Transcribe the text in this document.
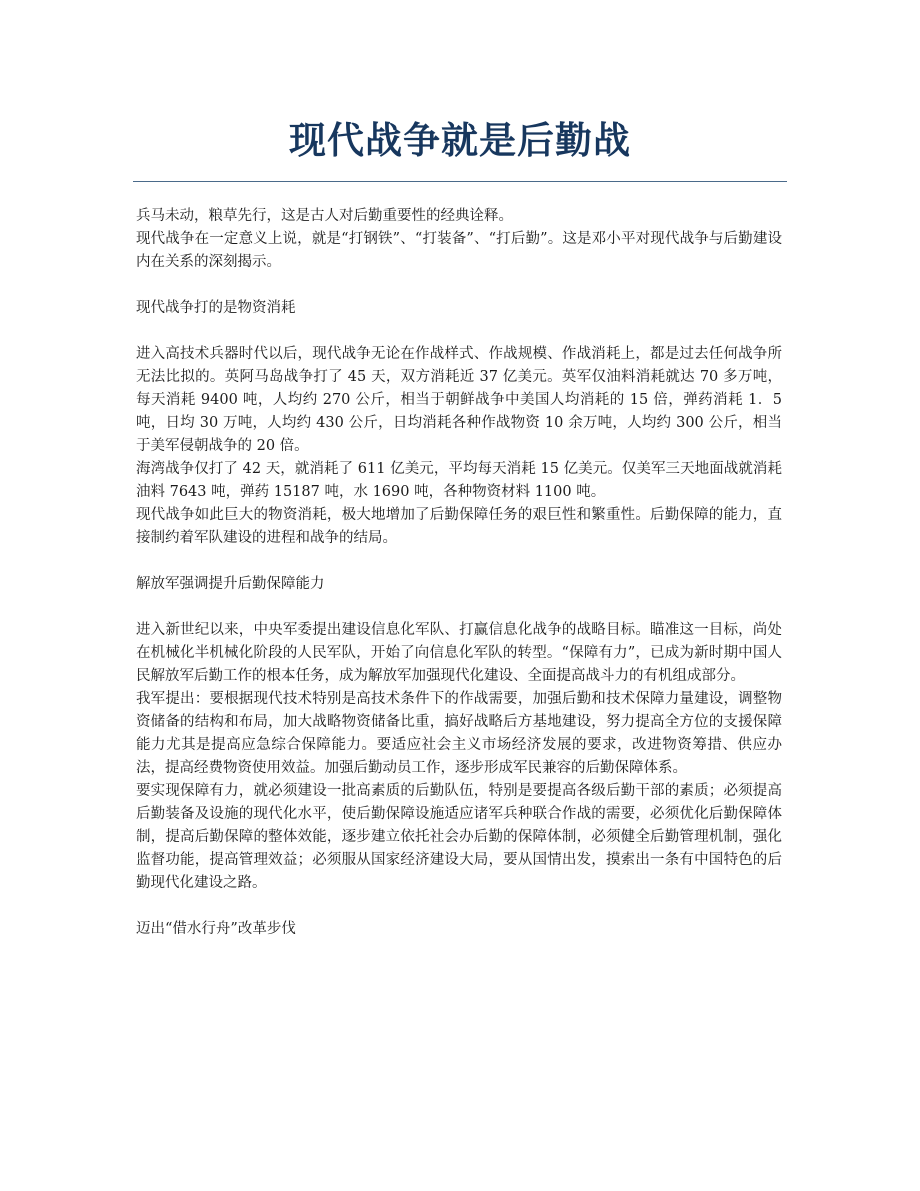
现代战争就是后勤战

兵马未动，粮草先行，这是古人对后勤重要性的经典诠释。

现代战争在一定意义上说，就是“打钢铁”、“打装备”、“打后勤”。这是邓小平对现代战争与后勤建设内在关系的深刻揭示。

现代战争打的是物资消耗

进入高技术兵器时代以后，现代战争无论在作战样式、作战规模、作战消耗上，都是过去任何战争所无法比拟的。英阿马岛战争打了 45 天，双方消耗近 37 亿美元。英军仅油料消耗就达 70 多万吨，每天消耗 9400 吨，人均约 270 公斤，相当于朝鲜战争中美国人均消耗的 15 倍，弹药消耗 1．5 吨，日均 30 万吨，人均约 430 公斤，日均消耗各种作战物资 10 余万吨，人均约 300 公斤，相当于美军侵朝战争的 20 倍。

海湾战争仅打了 42 天，就消耗了 611 亿美元，平均每天消耗 15 亿美元。仅美军三天地面战就消耗油料 7643 吨，弹药 15187 吨，水 1690 吨，各种物资材料 1100 吨。

现代战争如此巨大的物资消耗，极大地增加了后勤保障任务的艰巨性和繁重性。后勤保障的能力，直接制约着军队建设的进程和战争的结局。

解放军强调提升后勤保障能力

进入新世纪以来，中央军委提出建设信息化军队、打赢信息化战争的战略目标。瞄准这一目标，尚处在机械化半机械化阶段的人民军队，开始了向信息化军队的转型。“保障有力”，已成为新时期中国人民解放军后勤工作的根本任务，成为解放军加强现代化建设、全面提高战斗力的有机组成部分。

我军提出：要根据现代技术特别是高技术条件下的作战需要，加强后勤和技术保障力量建设，调整物资储备的结构和布局，加大战略物资储备比重，搞好战略后方基地建设，努力提高全方位的支援保障能力尤其是提高应急综合保障能力。要适应社会主义市场经济发展的要求，改进物资筹措、供应办法，提高经费物资使用效益。加强后勤动员工作，逐步形成军民兼容的后勤保障体系。

要实现保障有力，就必须建设一批高素质的后勤队伍，特别是要提高各级后勤干部的素质；必须提高后勤装备及设施的现代化水平，使后勤保障设施适应诸军兵种联合作战的需要，必须优化后勤保障体制，提高后勤保障的整体效能，逐步建立依托社会办后勤的保障体制，必须健全后勤管理机制，强化监督功能，提高管理效益；必须服从国家经济建设大局，要从国情出发，摸索出一条有中国特色的后勤现代化建设之路。

迈出“借水行舟”改革步伐
